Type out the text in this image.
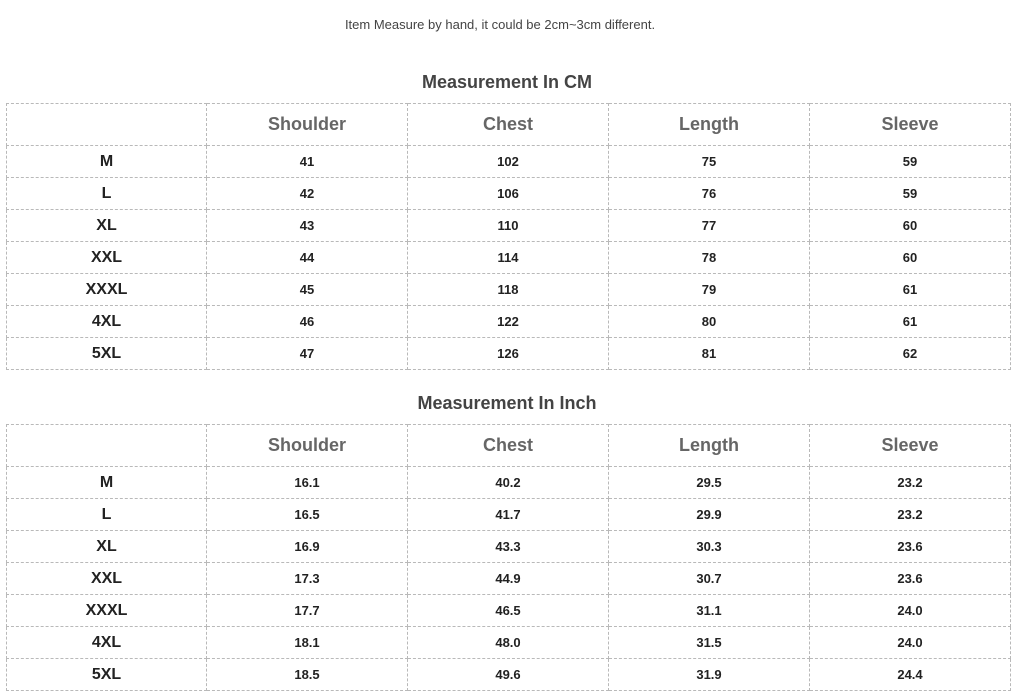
Item Measure by hand, it could be 2cm~3cm different.
Measurement In CM
	Shoulder	Chest	Length	Sleeve
M	41	102	75	59
L	42	106	76	59
XL	43	110	77	60
XXL	44	114	78	60
XXXL	45	118	79	61
4XL	46	122	80	61
5XL	47	126	81	62
Measurement In Inch
	Shoulder	Chest	Length	Sleeve
M	16.1	40.2	29.5	23.2
L	16.5	41.7	29.9	23.2
XL	16.9	43.3	30.3	23.6
XXL	17.3	44.9	30.7	23.6
XXXL	17.7	46.5	31.1	24.0
4XL	18.1	48.0	31.5	24.0
5XL	18.5	49.6	31.9	24.4
